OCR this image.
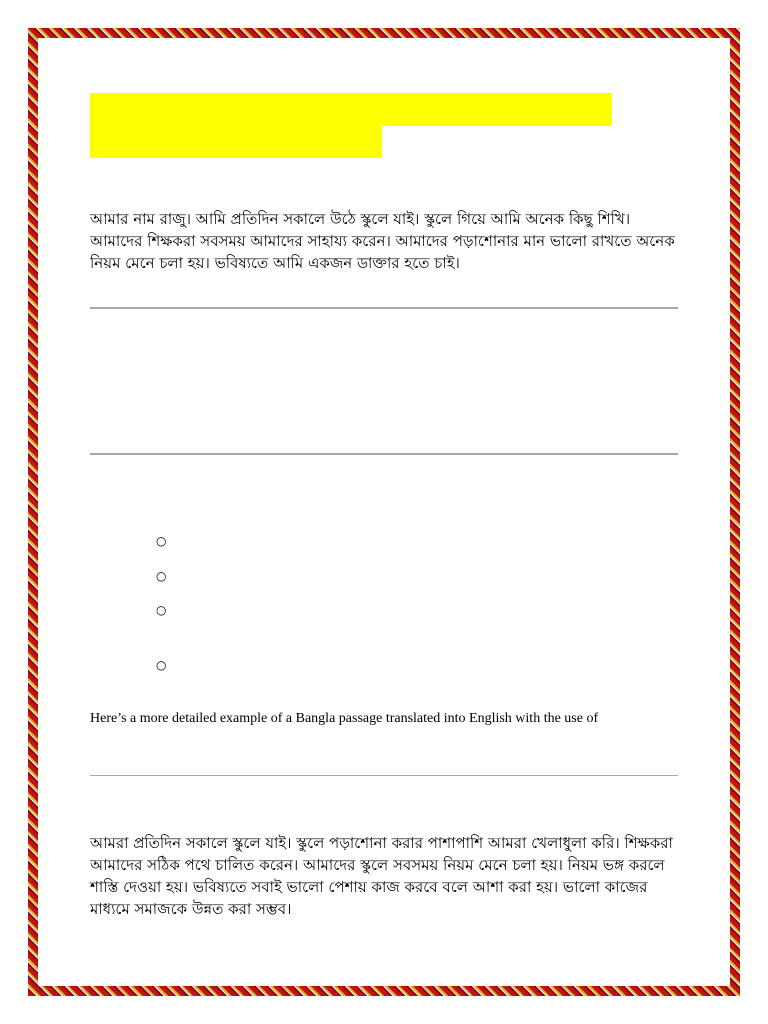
আমার নাম রাজু। আমি প্রতিদিন সকালে উঠে স্কুলে যাই। স্কুলে গিয়ে আমি অনেক কিছু শিখি। আমাদের শিক্ষকরা সবসময় আমাদের সাহায্য করেন। আমাদের পড়াশোনার মান ভালো রাখতে অনেক নিয়ম মেনে চলা হয়। ভবিষ্যতে আমি একজন ডাক্তার হতে চাই।

○
○
○
○

Here’s a more detailed example of a Bangla passage translated into English with the use of

আমরা প্রতিদিন সকালে স্কুলে যাই। স্কুলে পড়াশোনা করার পাশাপাশি আমরা খেলাধুলা করি। শিক্ষকরা আমাদের সঠিক পথে চালিত করেন। আমাদের স্কুলে সবসময় নিয়ম মেনে চলা হয়। নিয়ম ভঙ্গ করলে শাস্তি দেওয়া হয়। ভবিষ্যতে সবাই ভালো পেশায় কাজ করবে বলে আশা করা হয়। ভালো কাজের মাধ্যমে সমাজকে উন্নত করা সম্ভব।
